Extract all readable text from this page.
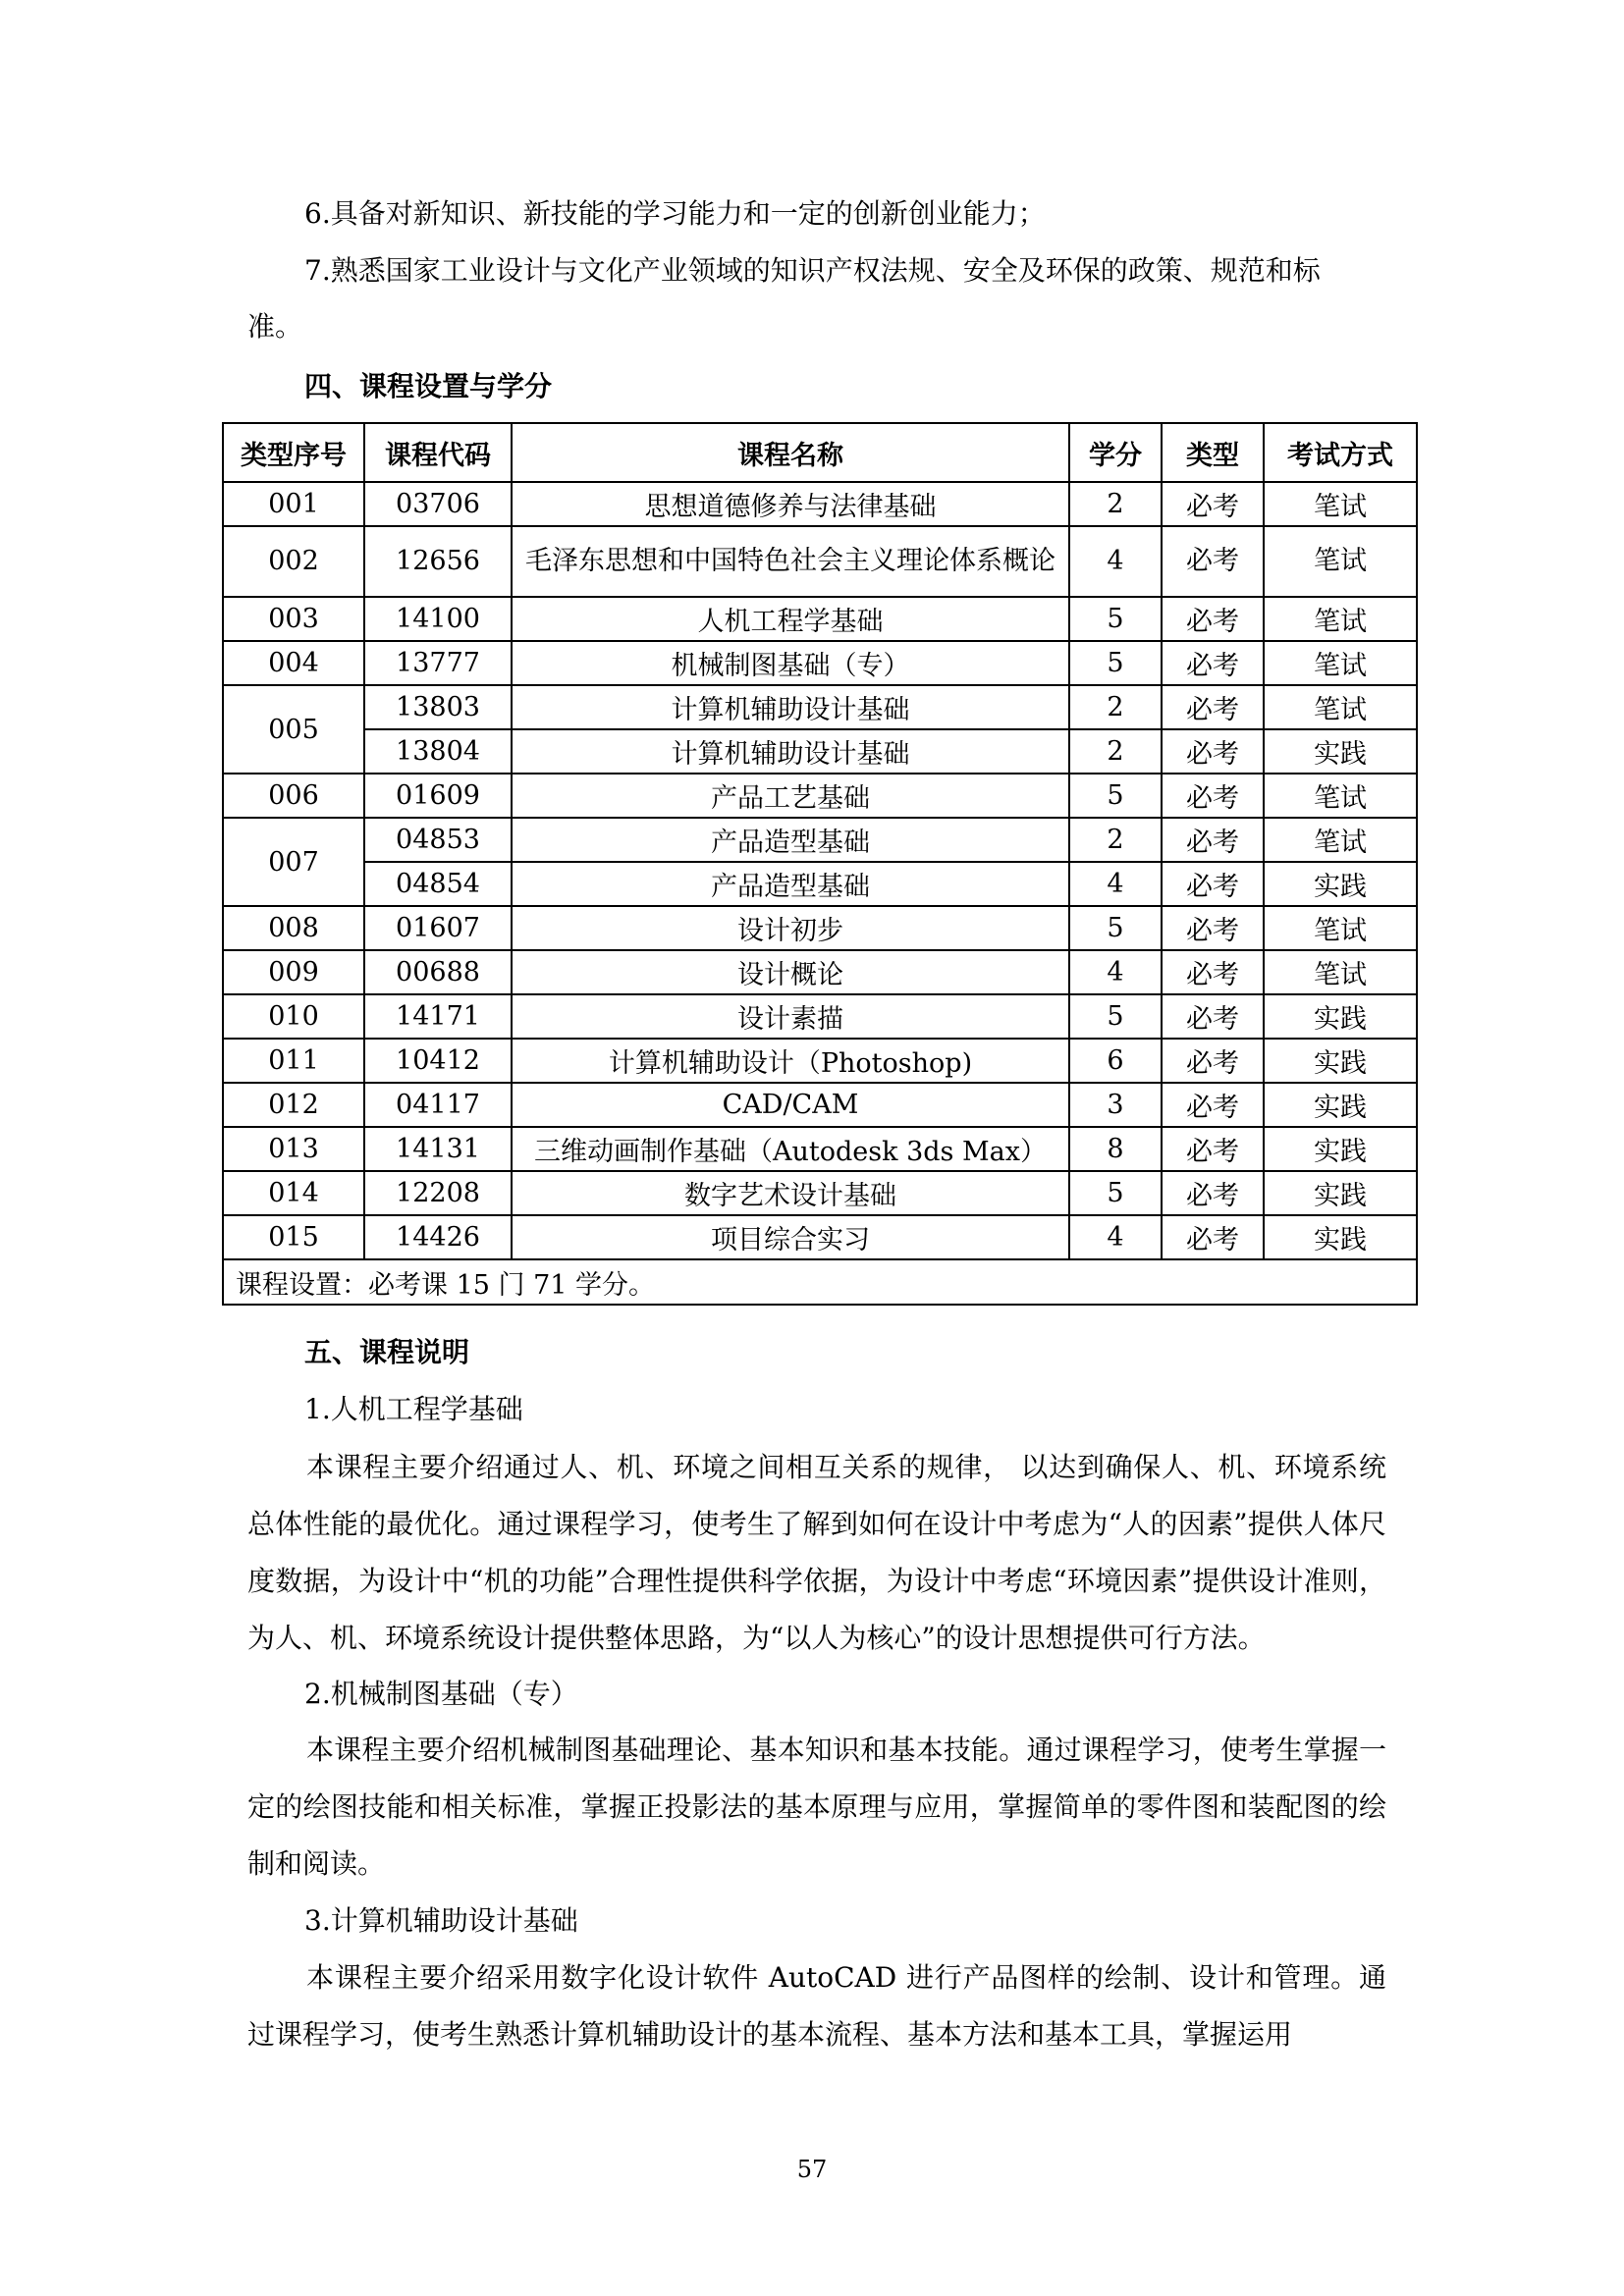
6.具备对新知识、新技能的学习能力和一定的创新创业能力；
7.熟悉国家工业设计与文化产业领域的知识产权法规、安全及环保的政策、规范和标
准。
四、课程设置与学分
类型序号	课程代码	课程名称	学分	类型	考试方式
001	03706	思想道德修养与法律基础	2	必考	笔试
002	12656	毛泽东思想和中国特色社会主义理论体系概论	4	必考	笔试
003	14100	人机工程学基础	5	必考	笔试
004	13777	机械制图基础（专）	5	必考	笔试
005	13803	计算机辅助设计基础	2	必考	笔试
	13804	计算机辅助设计基础	2	必考	实践
006	01609	产品工艺基础	5	必考	笔试
007	04853	产品造型基础	2	必考	笔试
	04854	产品造型基础	4	必考	实践
008	01607	设计初步	5	必考	笔试
009	00688	设计概论	4	必考	笔试
010	14171	设计素描	5	必考	实践
011	10412	计算机辅助设计（Photoshop)	6	必考	实践
012	04117	CAD/CAM	3	必考	实践
013	14131	三维动画制作基础（Autodesk 3ds Max）	8	必考	实践
014	12208	数字艺术设计基础	5	必考	实践
015	14426	项目综合实习	4	必考	实践
课程设置：必考课 15 门 71 学分。					
五、课程说明
1.人机工程学基础
本课程主要介绍通过人、机、环境之间相互关系的规律， 以达到确保人、机、环境系统总体性能的最优化。通过课程学习，使考生了解到如何在设计中考虑为“人的因素”提供人体尺度数据，为设计中“机的功能”合理性提供科学依据，为设计中考虑“环境因素”提供设计准则，为人、机、环境系统设计提供整体思路，为“以人为核心”的设计思想提供可行方法。
2.机械制图基础（专）
本课程主要介绍机械制图基础理论、基本知识和基本技能。通过课程学习，使考生掌握一定的绘图技能和相关标准，掌握正投影法的基本原理与应用，掌握简单的零件图和装配图的绘制和阅读。
3.计算机辅助设计基础
本课程主要介绍采用数字化设计软件 AutoCAD 进行产品图样的绘制、设计和管理。通过课程学习，使考生熟悉计算机辅助设计的基本流程、基本方法和基本工具，掌握运用
57
